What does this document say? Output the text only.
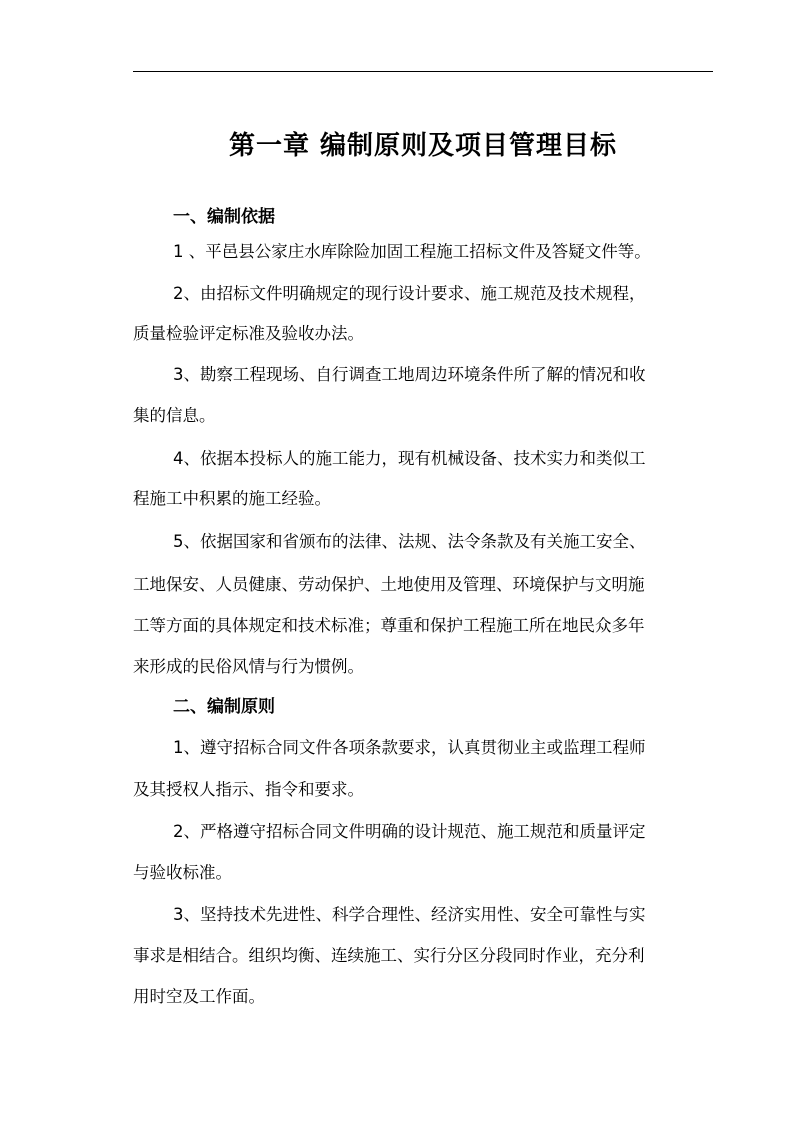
第一章 编制原则及项目管理目标
一、编制依据
1 、平邑县公家庄水库除险加固工程施工招标文件及答疑文件等。
2、由招标文件明确规定的现行设计要求、施工规范及技术规程，
质量检验评定标准及验收办法。
3、勘察工程现场、自行调查工地周边环境条件所了解的情况和收
集的信息。
4、依据本投标人的施工能力，现有机械设备、技术实力和类似工
程施工中积累的施工经验。
5、依据国家和省颁布的法律、法规、法令条款及有关施工安全、
工地保安、人员健康、劳动保护、土地使用及管理、环境保护与文明施
工等方面的具体规定和技术标准；尊重和保护工程施工所在地民众多年
来形成的民俗风情与行为惯例。
二、编制原则
1、遵守招标合同文件各项条款要求，认真贯彻业主或监理工程师
及其授权人指示、指令和要求。
2、严格遵守招标合同文件明确的设计规范、施工规范和质量评定
与验收标准。
3、坚持技术先进性、科学合理性、经济实用性、安全可靠性与实
事求是相结合。组织均衡、连续施工、实行分区分段同时作业，充分利
用时空及工作面。
